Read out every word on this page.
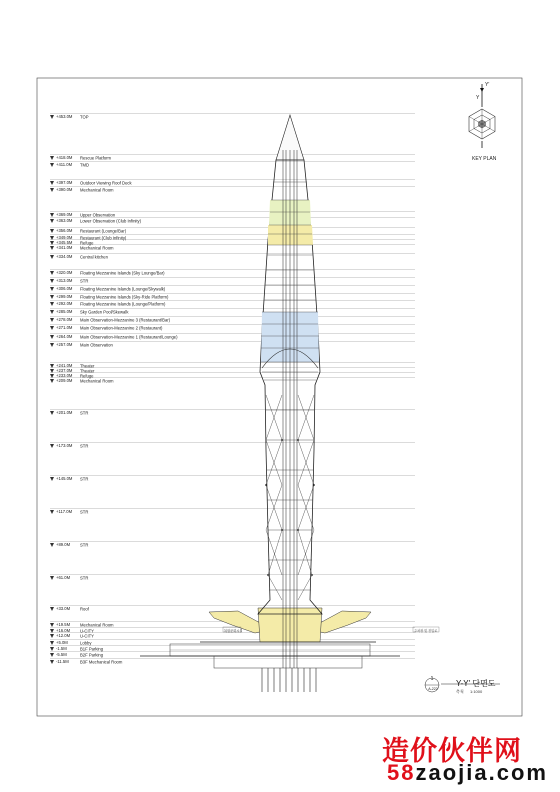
Y'
Y
+453.0M TOP
+418.0M Rescue Platform
+411.0M TMD
+397.0M Outdoor Viewing Roof Deck
+390.0M Mechanical Room
+369.0M Upper Observation
+363.0M Lower Observation (Club Infinity)
+356.0M Restaurant (Lounge/Bar)
+349.0M Restaurant (Club Infinity)
+345.5M Refuge
+341.0M Mechanical Room
+334.0M Central kitchen
+320.0M Floating Mezzanine Islands (Sky Lounge/Bar)
+313.0M STR
+306.0M Floating Mezzanine Islands (Lounge/Skywalk)
+299.0M Floating Mezzanine Islands (Sky-Ride Platform)
+292.0M Floating Mezzanine Islands (Lounge/Platform)
+285.0M Sky Garden Pool/Skewalk
+278.0M Main Observation-Mezzanine 3 (Restaurant/Bar)
+271.0M Main Observation-Mezzanine 2 (Restaurant)
+264.0M Main Observation-Mezzanine 1 (Restaurant/Lounge)
+257.0M Main Observation
+241.0M Theater
+237.0M Theater
+233.0M Refuge
+209.0M Mechanical Room
+201.0M STR
+173.0M STR
+145.0M STR
+117.0M STR
+89.0M STR
+61.0M STR
+33.0M Roof
+19.5M Mechanical Room
+16.0M U-CITY
+12.0M U-CITY
+5.0M	Lobby
-1.5M	B1F Parking
-5.5M	B2F Parking
-11.5M	B3F Mechanical Room
KEY PLAN
1
A-222
Y-Y' 단면도
축척 1:1000
복합문화시설	주차장 및 진입로
造价伙伴网
58zaojia.com
